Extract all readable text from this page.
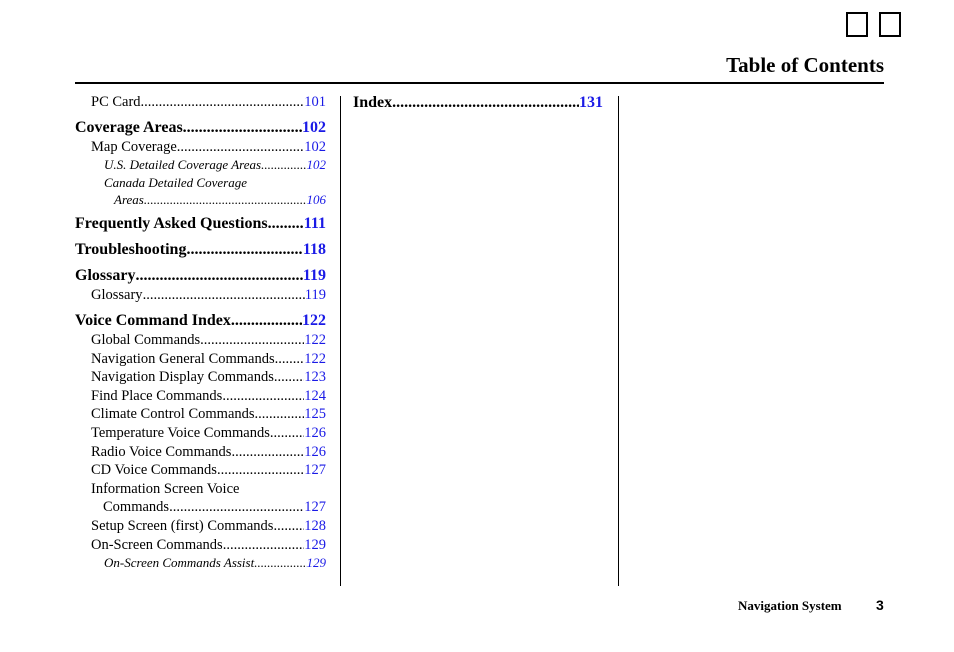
Table of Contents
PC Card .....	101
Coverage Areas .....	102
Map Coverage .....	102
U.S. Detailed Coverage Areas .....	102
Canada Detailed Coverage
Areas .....	106
Frequently Asked Questions ..... 111
Troubleshooting .....	118
Glossary .....	119
Glossary .....	119
Voice Command Index .....	122
Global Commands .....	122
Navigation General Commands ..... 122
Navigation Display Commands ..... 123
Find Place Commands .....	124
Climate Control Commands .....	125
Temperature Voice Commands ..... 126
Radio Voice Commands .....	126
CD Voice Commands .....	127
Information Screen Voice
Commands .....	127
Setup Screen (first) Commands ..... 128
On-Screen Commands .....	129
On-Screen Commands Assist .....	129
Index .....	131
Navigation System 3
